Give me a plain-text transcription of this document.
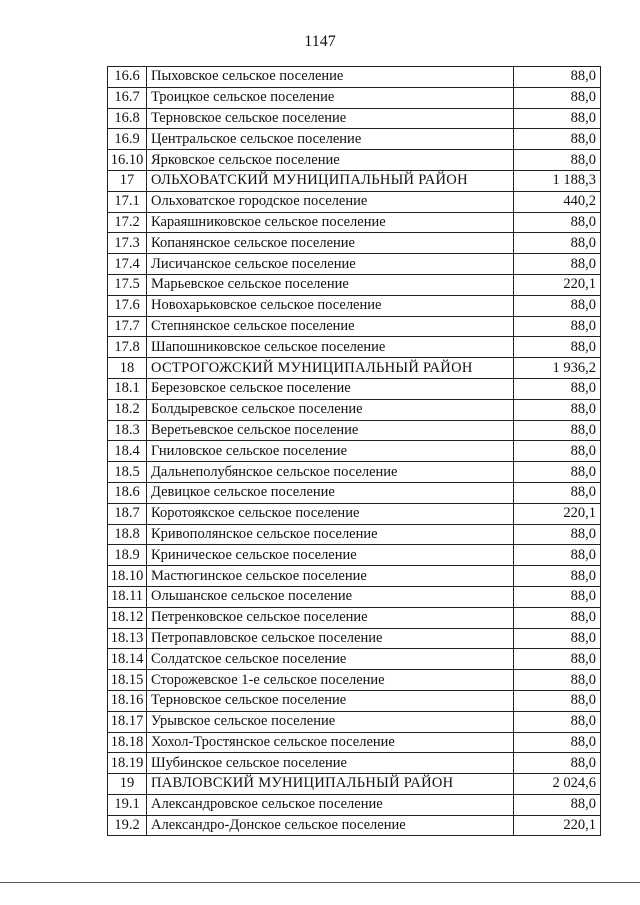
1147
16.6	Пыховское сельское поселение	88,0
16.7	Троицкое сельское поселение	88,0
16.8	Терновское сельское поселение	88,0
16.9	Центральское сельское поселение	88,0
16.10	Ярковское сельское поселение	88,0
17	ОЛЬХОВАТСКИЙ МУНИЦИПАЛЬНЫЙ РАЙОН	1 188,3
17.1	Ольховатское городское поселение	440,2
17.2	Караяшниковское сельское поселение	88,0
17.3	Копанянское сельское поселение	88,0
17.4	Лисичанское сельское поселение	88,0
17.5	Марьевское сельское поселение	220,1
17.6	Новохарьковское сельское поселение	88,0
17.7	Степнянское сельское поселение	88,0
17.8	Шапошниковское сельское поселение	88,0
18	ОСТРОГОЖСКИЙ МУНИЦИПАЛЬНЫЙ РАЙОН	1 936,2
18.1	Березовское сельское поселение	88,0
18.2	Болдыревское сельское поселение	88,0
18.3	Веретьевское сельское поселение	88,0
18.4	Гниловское сельское поселение	88,0
18.5	Дальнеполубянское сельское поселение	88,0
18.6	Девицкое сельское поселение	88,0
18.7	Коротоякское сельское поселение	220,1
18.8	Кривополянское сельское поселение	88,0
18.9	Криническое сельское поселение	88,0
18.10	Мастюгинское сельское поселение	88,0
18.11	Ольшанское сельское поселение	88,0
18.12	Петренковское сельское поселение	88,0
18.13	Петропавловское сельское поселение	88,0
18.14	Солдатское сельское поселение	88,0
18.15	Сторожевское 1-е сельское поселение	88,0
18.16	Терновское сельское поселение	88,0
18.17	Урывское сельское поселение	88,0
18.18	Хохол-Тростянское сельское поселение	88,0
18.19	Шубинское сельское поселение	88,0
19	ПАВЛОВСКИЙ МУНИЦИПАЛЬНЫЙ РАЙОН	2 024,6
19.1	Александровское сельское поселение	88,0
19.2	Александро-Донское сельское поселение	220,1
